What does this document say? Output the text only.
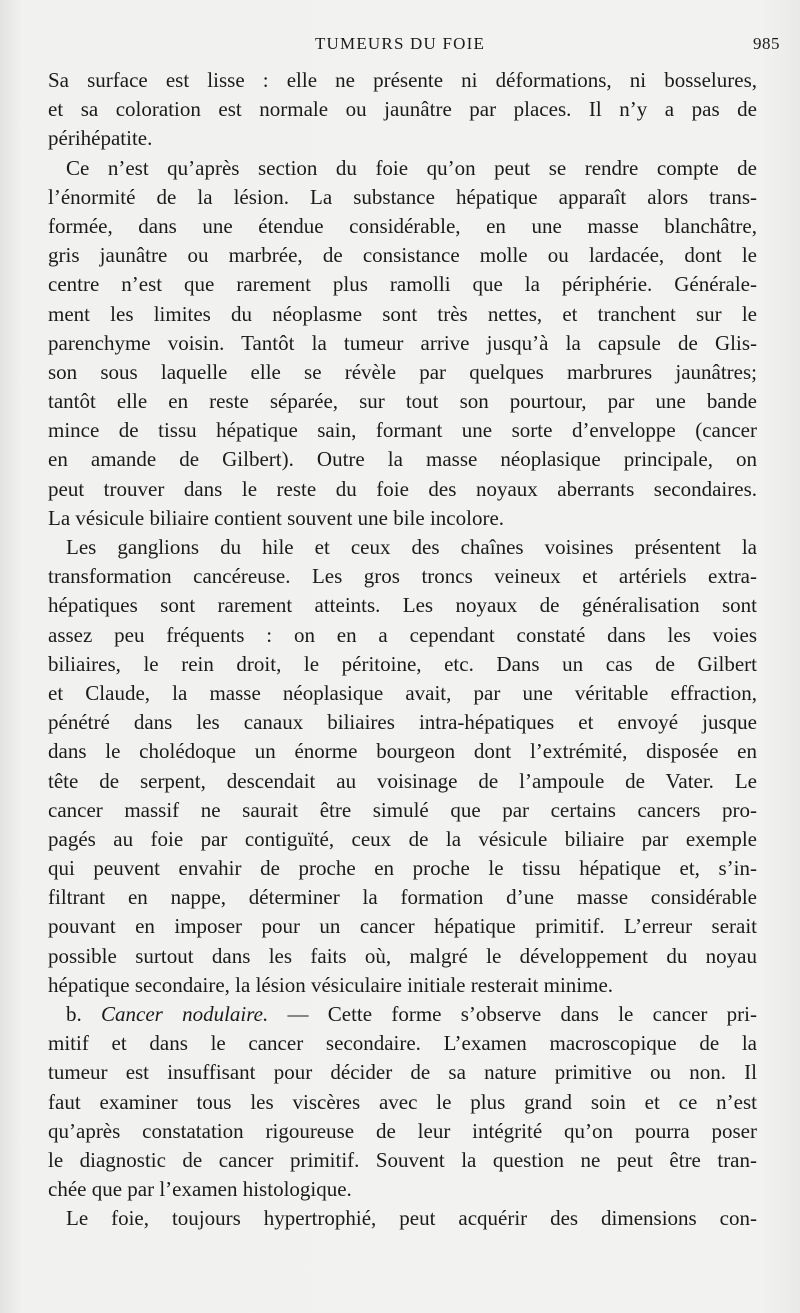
TUMEURS DU FOIE	985
Sa surface est lisse : elle ne présente ni déformations, ni bosselures,
et sa coloration est normale ou jaunâtre par places. Il n’y a pas de
périhépatite.
Ce n’est qu’après section du foie qu’on peut se rendre compte de
l’énormité de la lésion. La substance hépatique apparaît alors trans-
formée, dans une étendue considérable, en une masse blanchâtre,
gris jaunâtre ou marbrée, de consistance molle ou lardacée, dont le
centre n’est que rarement plus ramolli que la périphérie. Générale-
ment les limites du néoplasme sont très nettes, et tranchent sur le
parenchyme voisin. Tantôt la tumeur arrive jusqu’à la capsule de Glis-
son sous laquelle elle se révèle par quelques marbrures jaunâtres;
tantôt elle en reste séparée, sur tout son pourtour, par une bande
mince de tissu hépatique sain, formant une sorte d’enveloppe (cancer
en amande de Gilbert). Outre la masse néoplasique principale, on
peut trouver dans le reste du foie des noyaux aberrants secondaires.
La vésicule biliaire contient souvent une bile incolore.
Les ganglions du hile et ceux des chaînes voisines présentent la
transformation cancéreuse. Les gros troncs veineux et artériels extra-
hépatiques sont rarement atteints. Les noyaux de généralisation sont
assez peu fréquents : on en a cependant constaté dans les voies
biliaires, le rein droit, le péritoine, etc. Dans un cas de Gilbert
et Claude, la masse néoplasique avait, par une véritable effraction,
pénétré dans les canaux biliaires intra-hépatiques et envoyé jusque
dans le cholédoque un énorme bourgeon dont l’extrémité, disposée en
tête de serpent, descendait au voisinage de l’ampoule de Vater. Le
cancer massif ne saurait être simulé que par certains cancers pro-
pagés au foie par contiguïté, ceux de la vésicule biliaire par exemple
qui peuvent envahir de proche en proche le tissu hépatique et, s’in-
filtrant en nappe, déterminer la formation d’une masse considérable
pouvant en imposer pour un cancer hépatique primitif. L’erreur serait
possible surtout dans les faits où, malgré le développement du noyau
hépatique secondaire, la lésion vésiculaire initiale resterait minime.
b. Cancer nodulaire. — Cette forme s’observe dans le cancer pri-
mitif et dans le cancer secondaire. L’examen macroscopique de la
tumeur est insuffisant pour décider de sa nature primitive ou non. Il
faut examiner tous les viscères avec le plus grand soin et ce n’est
qu’après constatation rigoureuse de leur intégrité qu’on pourra poser
le diagnostic de cancer primitif. Souvent la question ne peut être tran-
chée que par l’examen histologique.
Le foie, toujours hypertrophié, peut acquérir des dimensions con-
